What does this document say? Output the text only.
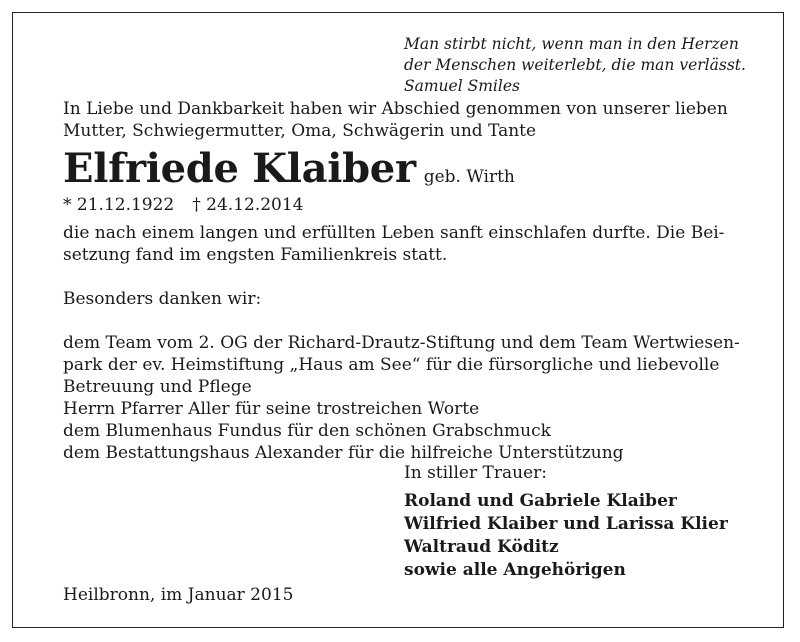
Man stirbt nicht, wenn man in den Herzen
der Menschen weiterlebt, die man verlässt.
Samuel Smiles
In Liebe und Dankbarkeit haben wir Abschied genommen von unserer lieben
Mutter, Schwiegermutter, Oma, Schwägerin und Tante
Elfriede Klaiber geb. Wirth
* 21.12.1922 † 24.12.2014
die nach einem langen und erfüllten Leben sanft einschlafen durfte. Die Bei-
setzung fand im engsten Familienkreis statt.
Besonders danken wir:
dem Team vom 2. OG der Richard-Drautz-Stiftung und dem Team Wertwiesen-
park der ev. Heimstiftung „Haus am See“ für die fürsorgliche und liebevolle
Betreuung und Pflege
Herrn Pfarrer Aller für seine trostreichen Worte
dem Blumenhaus Fundus für den schönen Grabschmuck
dem Bestattungshaus Alexander für die hilfreiche Unterstützung
In stiller Trauer:
Roland und Gabriele Klaiber
Wilfried Klaiber und Larissa Klier
Waltraud Köditz
sowie alle Angehörigen
Heilbronn, im Januar 2015
